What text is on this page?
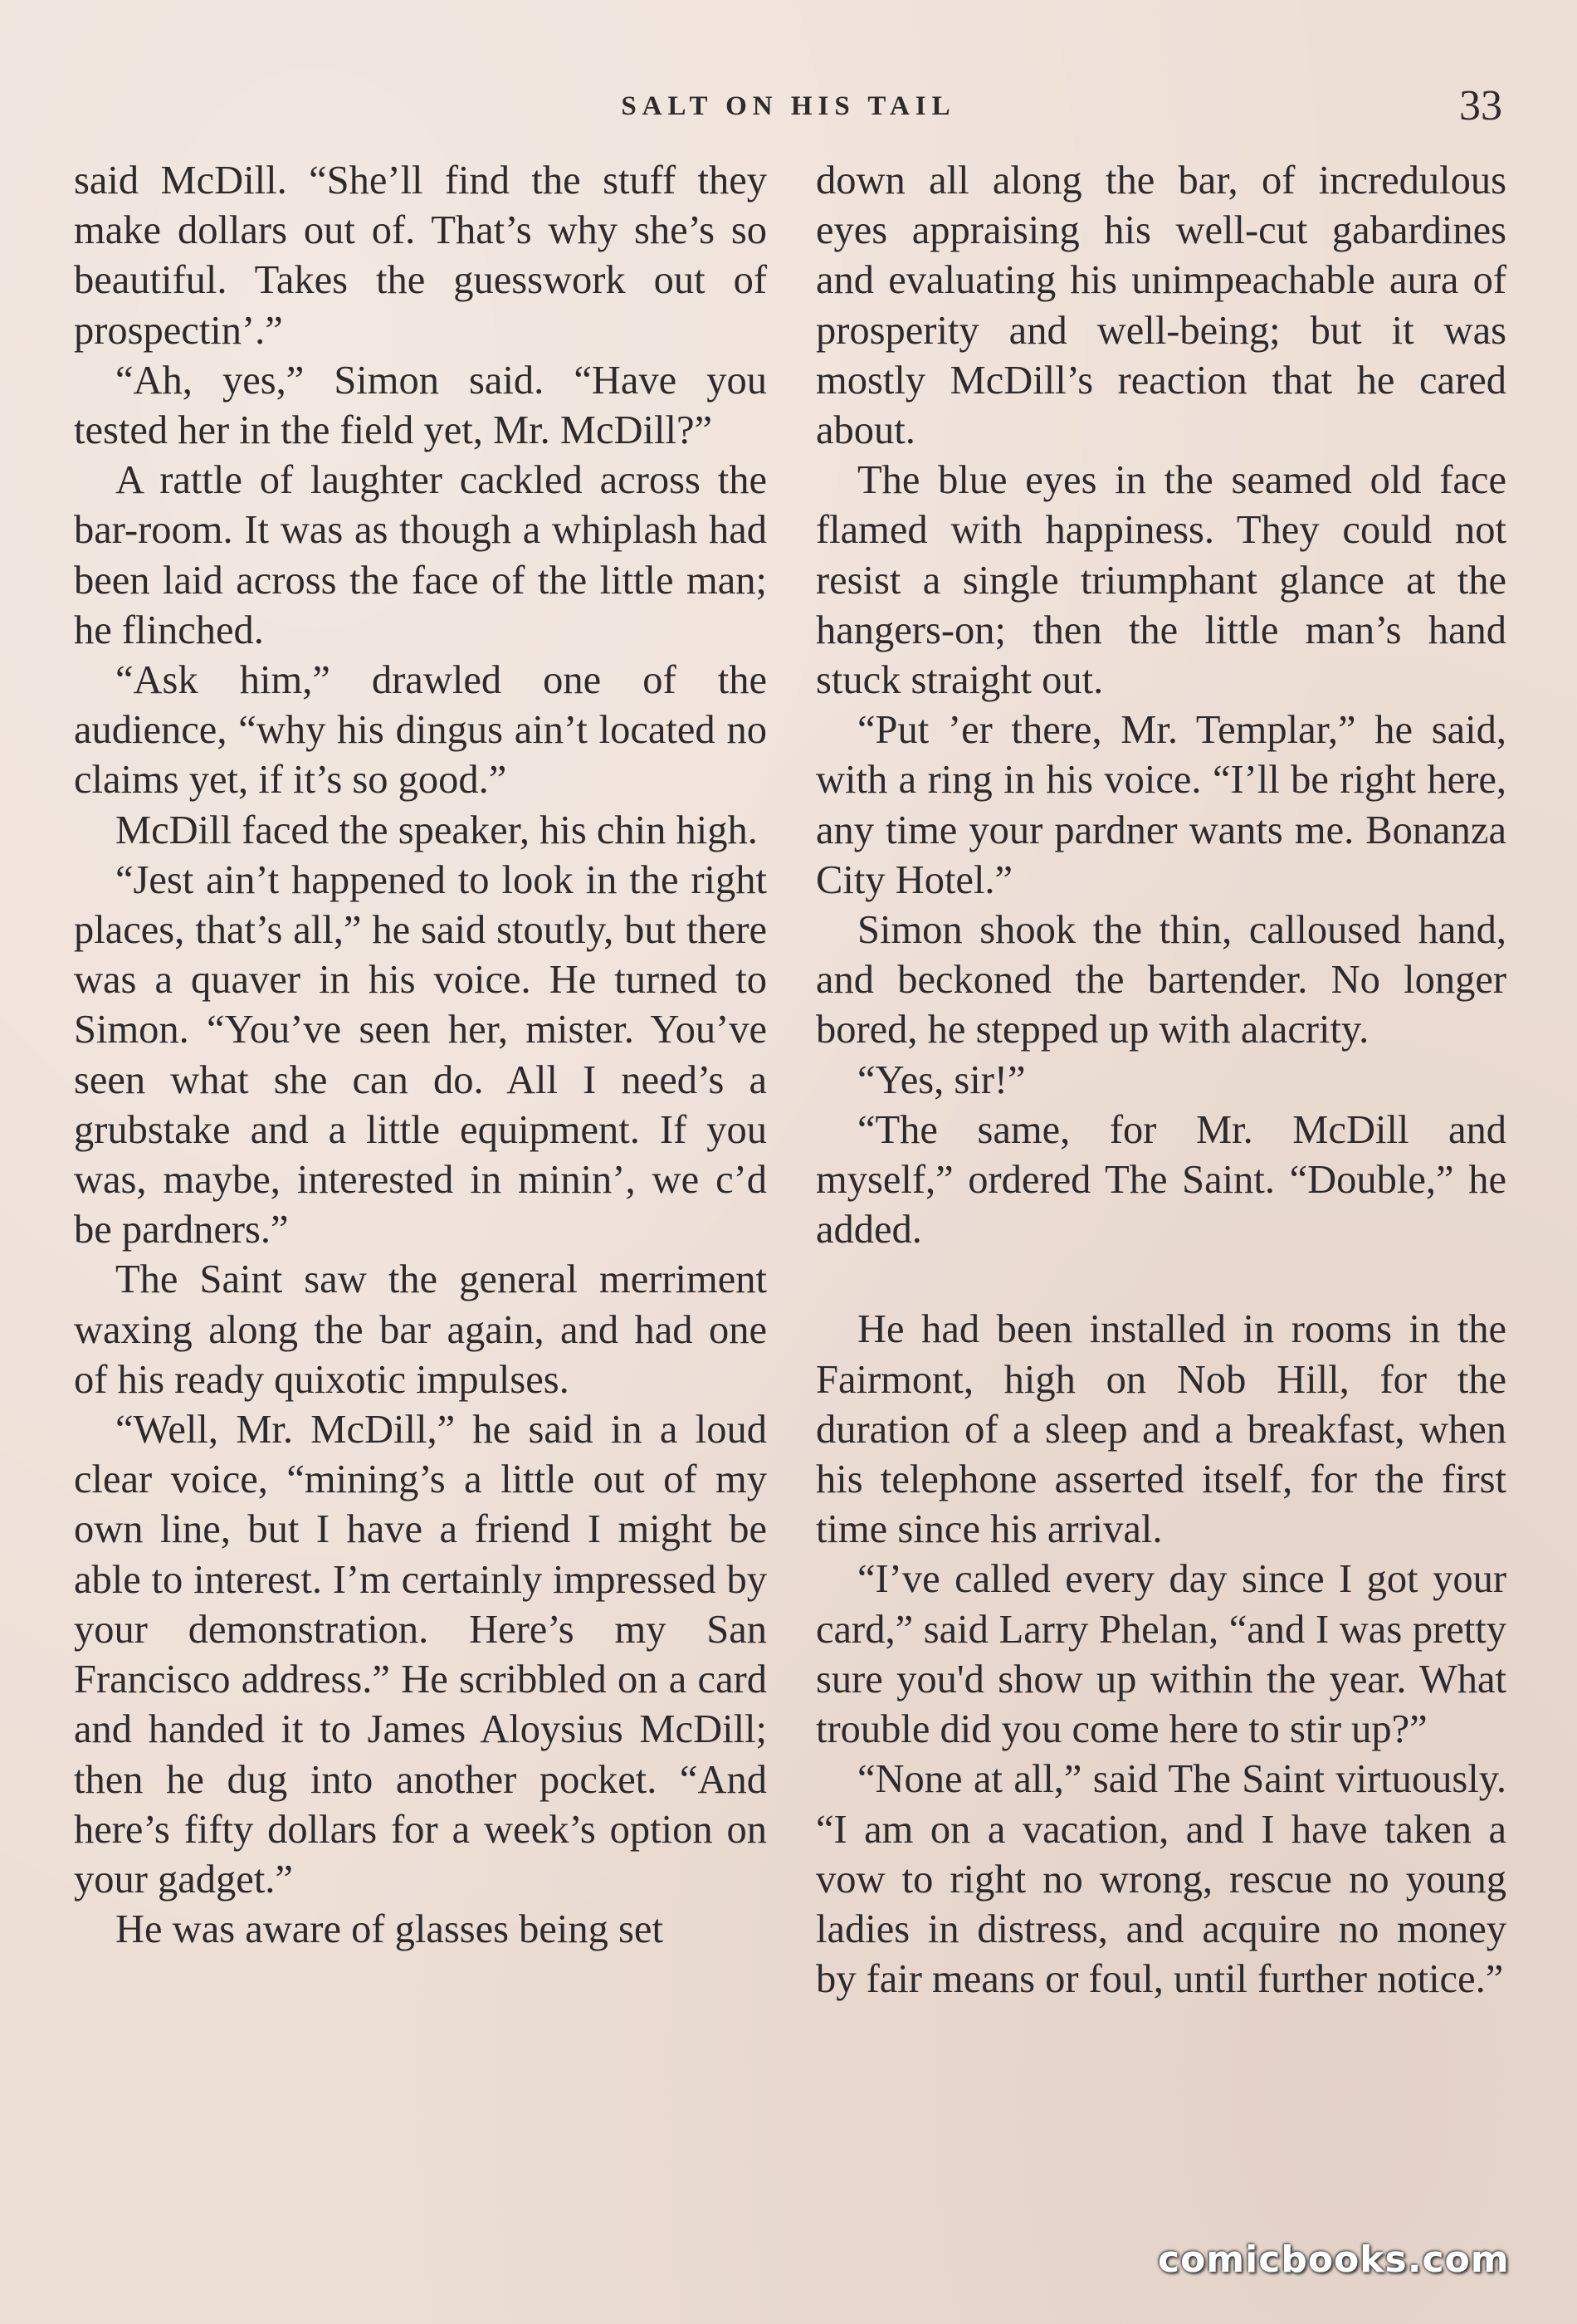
SALT ON HIS TAIL	33

said McDill. “She’ll find the stuff they make dollars out of. That’s why she’s so beautiful. Takes the guesswork out of prospectin’.”

“Ah, yes,” Simon said. “Have you tested her in the field yet, Mr. McDill?”

A rattle of laughter cackled across the bar-room. It was as though a whiplash had been laid across the face of the little man; he flinched.

“Ask him,” drawled one of the audience, “why his dingus ain’t located no claims yet, if it’s so good.”

McDill faced the speaker, his chin high.

“Jest ain’t happened to look in the right places, that’s all,” he said stoutly, but there was a quaver in his voice. He turned to Simon. “You’ve seen her, mister. You’ve seen what she can do. All I need’s a grubstake and a little equipment. If you was, maybe, interested in minin’, we c’d be pardners.”

The Saint saw the general merriment waxing along the bar again, and had one of his ready quixotic impulses.

“Well, Mr. McDill,” he said in a loud clear voice, “mining’s a little out of my own line, but I have a friend I might be able to interest. I’m certainly impressed by your demonstration. Here’s my San Francisco address.” He scribbled on a card and handed it to James Aloysius McDill; then he dug into another pocket. “And here’s fifty dollars for a week’s option on your gadget.”

He was aware of glasses being set

down all along the bar, of incredulous eyes appraising his well-cut gabardines and evaluating his unimpeachable aura of prosperity and well-being; but it was mostly McDill’s reaction that he cared about.

The blue eyes in the seamed old face flamed with happiness. They could not resist a single triumphant glance at the hangers-on; then the little man’s hand stuck straight out.

“Put ’er there, Mr. Templar,” he said, with a ring in his voice. “I’ll be right here, any time your pardner wants me. Bonanza City Hotel.”

Simon shook the thin, calloused hand, and beckoned the bartender. No longer bored, he stepped up with alacrity.

“Yes, sir!”

“The same, for Mr. McDill and myself,” ordered The Saint. “Double,” he added.

He had been installed in rooms in the Fairmont, high on Nob Hill, for the duration of a sleep and a breakfast, when his telephone asserted itself, for the first time since his arrival.

“I’ve called every day since I got your card,” said Larry Phelan, “and I was pretty sure you'd show up within the year. What trouble did you come here to stir up?”

“None at all,” said The Saint virtuously. “I am on a vacation, and I have taken a vow to right no wrong, rescue no young ladies in distress, and acquire no money by fair means or foul, until further notice.”

comicbooks.com
